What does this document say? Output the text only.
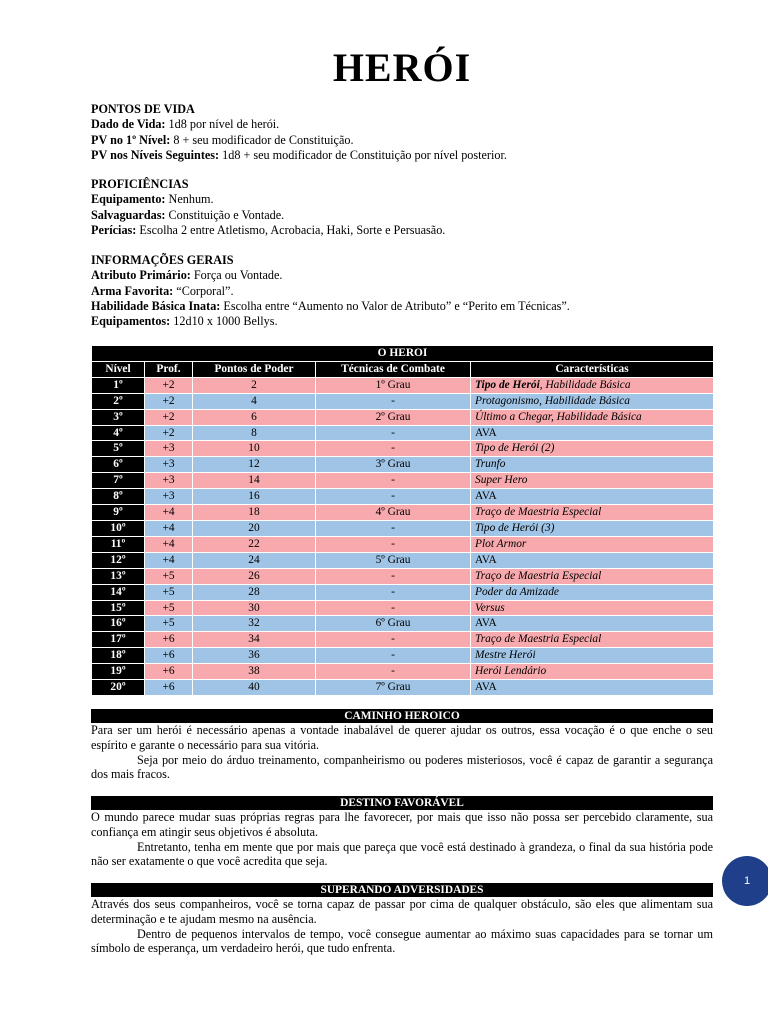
HERÓI
PONTOS DE VIDA
Dado de Vida: 1d8 por nível de herói.
PV no 1º Nível: 8 + seu modificador de Constituição.
PV nos Níveis Seguintes: 1d8 + seu modificador de Constituição por nível posterior.
PROFICIÊNCIAS
Equipamento: Nenhum.
Salvaguardas: Constituição e Vontade.
Perícias: Escolha 2 entre Atletismo, Acrobacia, Haki, Sorte e Persuasão.
INFORMAÇÕES GERAIS
Atributo Primário: Força ou Vontade.
Arma Favorita: “Corporal”.
Habilidade Básica Inata: Escolha entre “Aumento no Valor de Atributo” e “Perito em Técnicas”.
Equipamentos: 12d10 x 1000 Bellys.
O HEROI				
Nível	Prof.	Pontos de Poder	Técnicas de Combate	Características
1º	+2	2	1º Grau	Tipo de Herói, Habilidade Básica
2º	+2	4	-	Protagonismo, Habilidade Básica
3º	+2	6	2º Grau	Último a Chegar, Habilidade Básica
4º	+2	8	-	AVA
5º	+3	10	-	Tipo de Herói (2)
6º	+3	12	3º Grau	Trunfo
7º	+3	14	-	Super Hero
8º	+3	16	-	AVA
9º	+4	18	4º Grau	Traço de Maestria Especial
10º	+4	20	-	Tipo de Herói (3)
11º	+4	22	-	Plot Armor
12º	+4	24	5º Grau	AVA
13º	+5	26	-	Traço de Maestria Especial
14º	+5	28	-	Poder da Amizade
15º	+5	30	-	Versus
16º	+5	32	6º Grau	AVA
17º	+6	34	-	Traço de Maestria Especial
18º	+6	36	-	Mestre Herói
19º	+6	38	-	Herói Lendário
20º	+6	40	7º Grau	AVA
CAMINHO HEROICO

Para ser um herói é necessário apenas a vontade inabalável de querer ajudar os outros, essa vocação é o que enche o seu espírito e garante o necessário para sua vitória.

Seja por meio do árduo treinamento, companheirismo ou poderes misteriosos, você é capaz de garantir a segurança dos mais fracos.

DESTINO FAVORÁVEL

O mundo parece mudar suas próprias regras para lhe favorecer, por mais que isso não possa ser percebido claramente, sua confiança em atingir seus objetivos é absoluta.

Entretanto, tenha em mente que por mais que pareça que você está destinado à grandeza, o final da sua história pode não ser exatamente o que você acredita que seja.

SUPERANDO ADVERSIDADES

Através dos seus companheiros, você se torna capaz de passar por cima de qualquer obstáculo, são eles que alimentam sua determinação e te ajudam mesmo na ausência.

Dentro de pequenos intervalos de tempo, você consegue aumentar ao máximo suas capacidades para se tornar um símbolo de esperança, um verdadeiro herói, que tudo enfrenta.

1
